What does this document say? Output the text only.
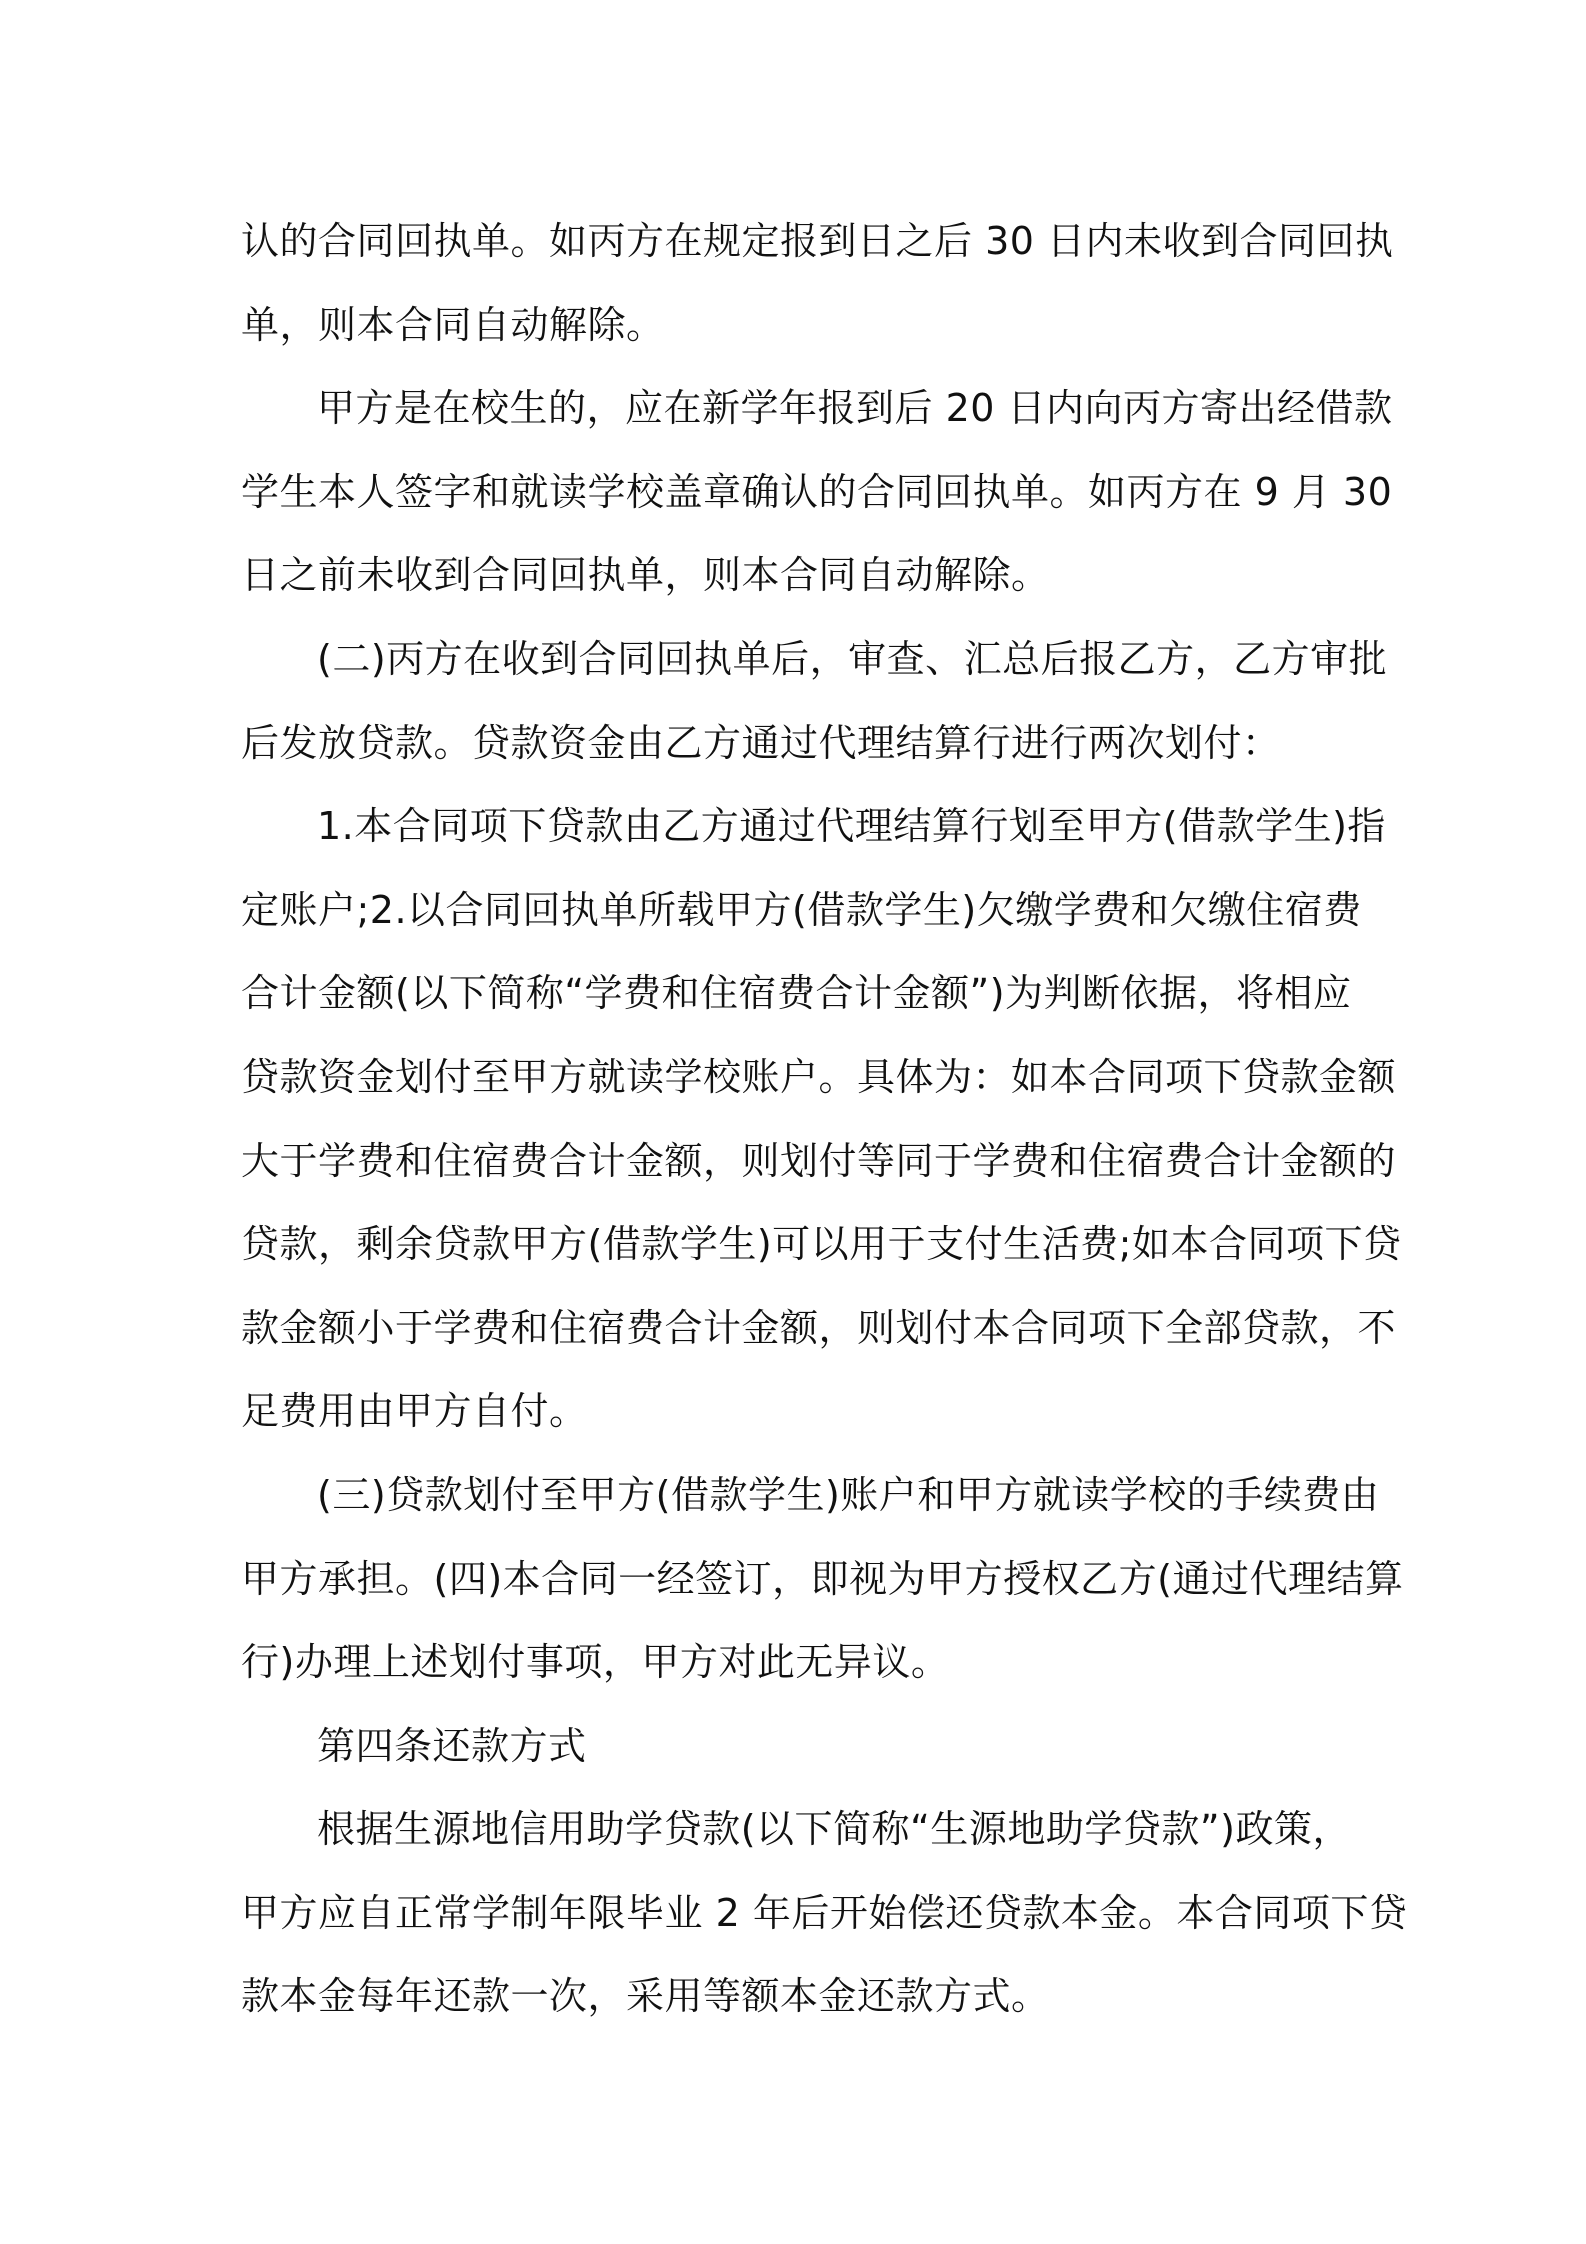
认的合同回执单。如丙方在规定报到日之后 30 日内未收到合同回执
单，则本合同自动解除。
甲方是在校生的，应在新学年报到后 20 日内向丙方寄出经借款
学生本人签字和就读学校盖章确认的合同回执单。如丙方在 9 月 30
日之前未收到合同回执单，则本合同自动解除。
(二)丙方在收到合同回执单后，审查、汇总后报乙方，乙方审批
后发放贷款。贷款资金由乙方通过代理结算行进行两次划付：
1.本合同项下贷款由乙方通过代理结算行划至甲方(借款学生)指
定账户;2.以合同回执单所载甲方(借款学生)欠缴学费和欠缴住宿费
合计金额(以下简称“学费和住宿费合计金额”)为判断依据，将相应
贷款资金划付至甲方就读学校账户。具体为：如本合同项下贷款金额
大于学费和住宿费合计金额，则划付等同于学费和住宿费合计金额的
贷款，剩余贷款甲方(借款学生)可以用于支付生活费;如本合同项下贷
款金额小于学费和住宿费合计金额，则划付本合同项下全部贷款，不
足费用由甲方自付。
(三)贷款划付至甲方(借款学生)账户和甲方就读学校的手续费由
甲方承担。(四)本合同一经签订，即视为甲方授权乙方(通过代理结算
行)办理上述划付事项，甲方对此无异议。
第四条还款方式
根据生源地信用助学贷款(以下简称“生源地助学贷款”)政策，
甲方应自正常学制年限毕业 2 年后开始偿还贷款本金。本合同项下贷
款本金每年还款一次，采用等额本金还款方式。
